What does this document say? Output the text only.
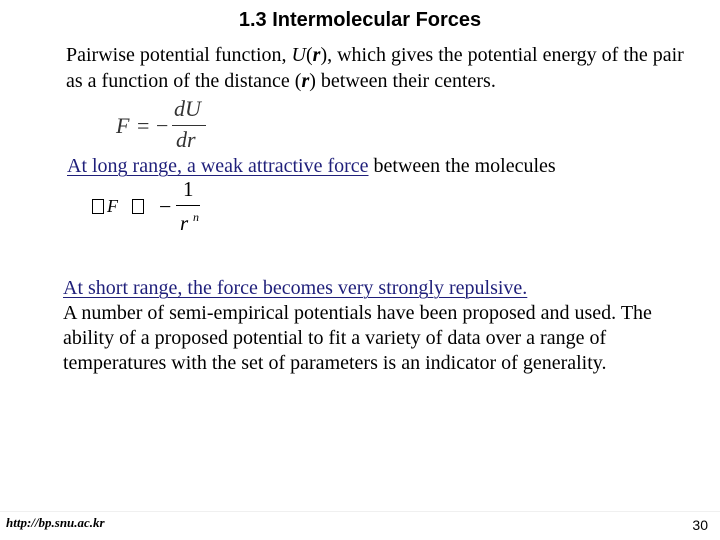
1.3 Intermolecular Forces
Pairwise potential function, U(r), which gives the potential energy of the pair as a function of the distance (r) between their centers.
F = −
dU
dr
At long range, a weak attractive force between the molecules
F −
1
r n
At short range, the force becomes very strongly repulsive.
A number of semi-empirical potentials have been proposed and used. The ability of a proposed potential to fit a variety of data over a range of temperatures with the set of parameters is an indicator of generality.
http://bp.snu.ac.kr	30
